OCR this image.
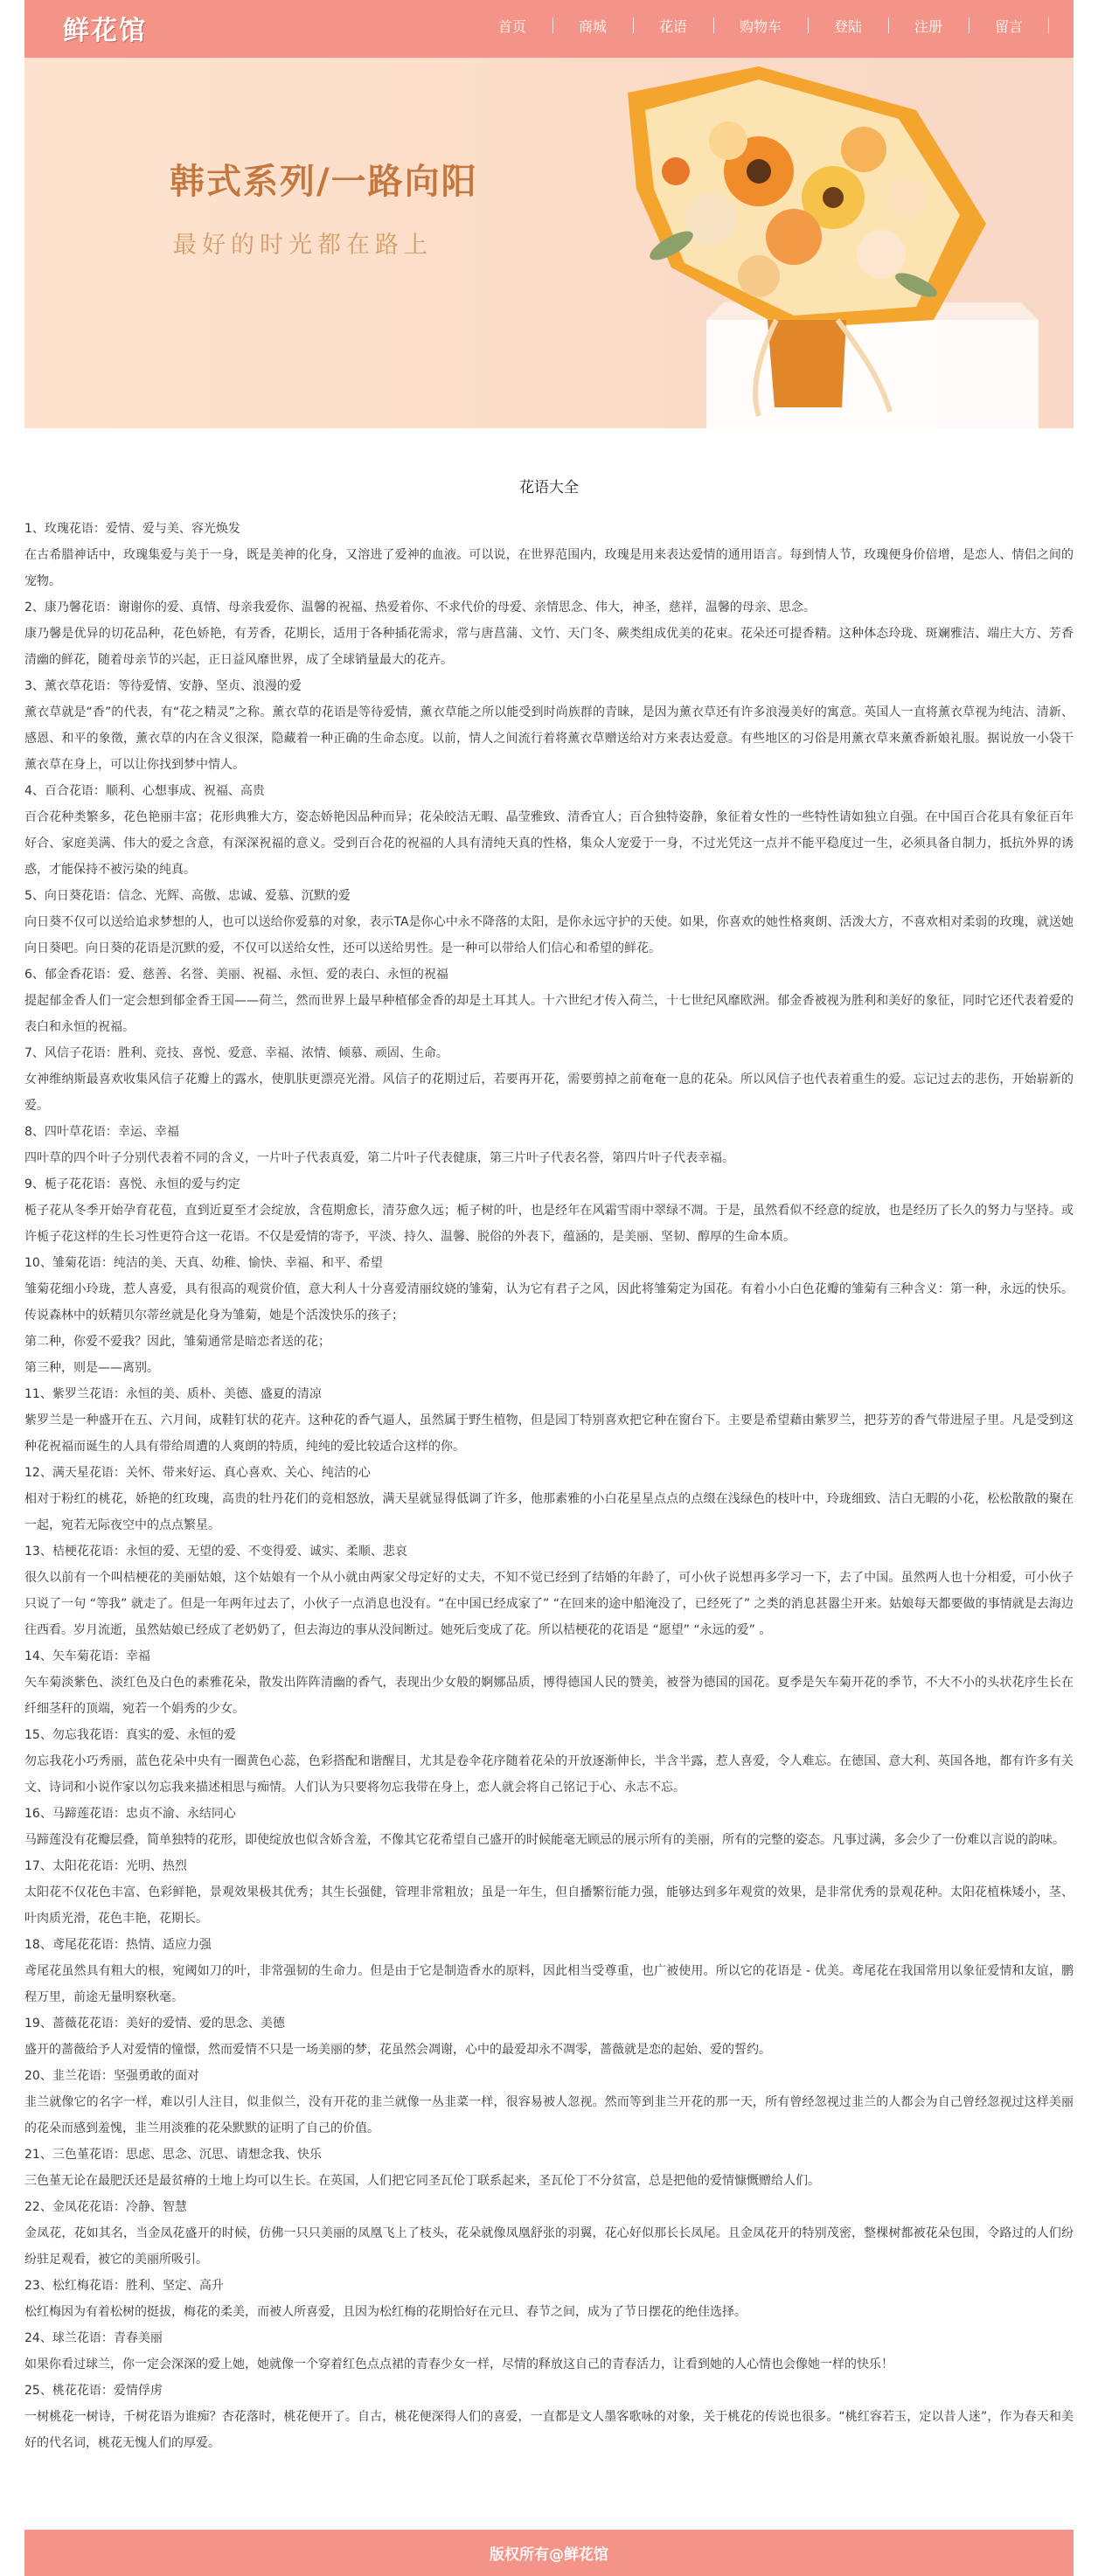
鲜花馆	首页	商城	花语	购物车	登陆	注册	留言
韩式系列/一路向阳
最好的时光都在路上
花语大全

1、玫瑰花语：爱情、爱与美、容光焕发

在古希腊神话中，玫瑰集爱与美于一身，既是美神的化身，又溶进了爱神的血液。可以说，在世界范围内，玫瑰是用来表达爱情的通用语言。每到情人节，玫瑰便身价倍增，是恋人、情侣之间的宠物。

2、康乃馨花语：谢谢你的爱、真情、母亲我爱你、温馨的祝福、热爱着你、不求代价的母爱、亲情思念、伟大，神圣，慈祥，温馨的母亲、思念。

康乃馨是优异的切花品种，花色娇艳，有芳香，花期长，适用于各种插花需求，常与唐菖蒲、文竹、天门冬、蕨类组成优美的花束。花朵还可提香精。这种体态玲珑、斑斓雅洁、端庄大方、芳香清幽的鲜花，随着母亲节的兴起，正日益风靡世界，成了全球销量最大的花卉。

3、薰衣草花语：等待爱情、安静、坚贞、浪漫的爱

薰衣草就是“香”的代表，有“花之精灵”之称。薰衣草的花语是等待爱情，薰衣草能之所以能受到时尚族群的青睐，是因为薰衣草还有许多浪漫美好的寓意。英国人一直将薰衣草视为纯洁、清新、感恩、和平的象徵，薰衣草的内在含义很深，隐藏着一种正确的生命态度。以前，情人之间流行着将薰衣草赠送给对方来表达爱意。有些地区的习俗是用薰衣草来薰香新娘礼服。据说放一小袋干薰衣草在身上，可以让你找到梦中情人。

4、百合花语：顺利、心想事成、祝福、高贵

百合花种类繁多，花色艳丽丰富；花形典雅大方，姿态娇艳因品种而异；花朵皎洁无暇、晶莹雅致、清香宜人；百合独特姿静，象征着女性的一些特性请如独立自强。在中国百合花具有象征百年好合、家庭美满、伟大的爱之含意，有深深祝福的意义。受到百合花的祝福的人具有清纯天真的性格，集众人宠爱于一身，不过光凭这一点并不能平稳度过一生，必须具备自制力，抵抗外界的诱惑，才能保持不被污染的纯真。

5、向日葵花语：信念、光辉、高傲、忠诚、爱慕、沉默的爱

向日葵不仅可以送给追求梦想的人，也可以送给你爱慕的对象，表示TA是你心中永不降落的太阳，是你永远守护的天使。如果，你喜欢的她性格爽朗、活泼大方，不喜欢相对柔弱的玫瑰，就送她向日葵吧。向日葵的花语是沉默的爱，不仅可以送给女性，还可以送给男性。是一种可以带给人们信心和希望的鲜花。

6、郁金香花语：爱、慈善、名誉、美丽、祝福、永恒、爱的表白、永恒的祝福

提起郁金香人们一定会想到郁金香王国——荷兰，然而世界上最早种植郁金香的却是土耳其人。十六世纪才传入荷兰，十七世纪风靡欧洲。郁金香被视为胜利和美好的象征，同时它还代表着爱的表白和永恒的祝福。

7、风信子花语：胜利、竞技、喜悦、爱意、幸福、浓情、倾慕、顽固、生命。

女神维纳斯最喜欢收集风信子花瓣上的露水，使肌肤更漂亮光滑。风信子的花期过后，若要再开花，需要剪掉之前奄奄一息的花朵。所以风信子也代表着重生的爱。忘记过去的悲伤，开始崭新的爱。

8、四叶草花语：幸运、幸福

四叶草的四个叶子分别代表着不同的含义，一片叶子代表真爱，第二片叶子代表健康，第三片叶子代表名誉，第四片叶子代表幸福。

9、栀子花花语：喜悦、永恒的爱与约定

栀子花从冬季开始孕育花苞，直到近夏至才会绽放，含苞期愈长，清芬愈久远；栀子树的叶，也是经年在风霜雪雨中翠绿不凋。于是，虽然看似不经意的绽放，也是经历了长久的努力与坚持。或许栀子花这样的生长习性更符合这一花语。不仅是爱情的寄予，平淡、持久、温馨、脱俗的外表下，蕴涵的，是美丽、坚韧、醇厚的生命本质。

10、雏菊花语：纯洁的美、天真、幼稚、愉快、幸福、和平、希望

雏菊花细小玲珑，惹人喜爱，具有很高的观赏价值，意大利人十分喜爱清丽纹娆的雏菊，认为它有君子之风，因此将雏菊定为国花。有着小小白色花瓣的雏菊有三种含义：第一种，永远的快乐。传说森林中的妖精贝尔蒂丝就是化身为雏菊，她是个活泼快乐的孩子；

第二种，你爱不爱我？因此，雏菊通常是暗恋者送的花；

第三种，则是——离别。

11、紫罗兰花语：永恒的美、质朴、美德、盛夏的清凉

紫罗兰是一种盛开在五、六月间，成鞋钉状的花卉。这种花的香气逼人，虽然属于野生植物，但是园丁特别喜欢把它种在窗台下。主要是希望藉由紫罗兰，把芬芳的香气带进屋子里。凡是受到这种花祝福而诞生的人具有带给周遭的人爽朗的特质，纯纯的爱比较适合这样的你。

12、满天星花语：关怀、带来好运、真心喜欢、关心、纯洁的心

相对于粉红的桃花，娇艳的红玫瑰，高贵的牡丹花们的竞相怒放，满天星就显得低调了许多，他那素雅的小白花星星点点的点缀在浅绿色的枝叶中，玲珑细致、洁白无暇的小花，松松散散的聚在一起，宛若无际夜空中的点点繁星。

13、桔梗花花语：永恒的爱、无望的爱、不变得爱、诚实、柔顺、悲哀

很久以前有一个叫桔梗花的美丽姑娘，这个姑娘有一个从小就由两家父母定好的丈夫，不知不觉已经到了结婚的年龄了，可小伙子说想再多学习一下，去了中国。虽然两人也十分相爱，可小伙子只说了一句 “等我” 就走了。但是一年两年过去了，小伙子一点消息也没有。“在中国已经成家了” “在回来的途中船淹没了，已经死了” 之类的消息甚嚣尘开来。姑娘每天都要做的事情就是去海边往西看。岁月流逝，虽然姑娘已经成了老奶奶了，但去海边的事从没间断过。她死后变成了花。所以桔梗花的花语是 “愿望” “永远的爱” 。

14、矢车菊花语：幸福

矢车菊淡紫色、淡红色及白色的素雅花朵，散发出阵阵清幽的香气，表现出少女般的婀娜品质，博得德国人民的赞美，被誉为德国的国花。夏季是矢车菊开花的季节，不大不小的头状花序生长在纤细茎秆的顶端，宛若一个娟秀的少女。

15、勿忘我花语：真实的爱、永恒的爱

勿忘我花小巧秀丽，蓝色花朵中央有一圈黄色心蕊，色彩搭配和谐醒目，尤其是卷伞花序随着花朵的开放逐渐伸长，半含半露，惹人喜爱，令人难忘。在德国、意大利、英国各地，都有许多有关文、诗词和小说作家以勿忘我来描述相思与痴情。人们认为只要将勿忘我带在身上，恋人就会将自己铭记于心、永志不忘。

16、马蹄莲花语：忠贞不渝、永结同心

马蹄莲没有花瓣层叠，简单独特的花形，即使绽放也似含娇含羞，不像其它花希望自己盛开的时候能毫无顾忌的展示所有的美丽，所有的完整的姿态。凡事过满，多会少了一份难以言说的韵味。

17、太阳花花语：光明、热烈

太阳花不仅花色丰富、色彩鲜艳，景观效果极其优秀；其生长强健，管理非常粗放；虽是一年生，但自播繁衍能力强，能够达到多年观赏的效果，是非常优秀的景观花种。太阳花植株矮小，茎、叶肉质光滑，花色丰艳，花期长。

18、鸢尾花花语：热情、适应力强

鸢尾花虽然具有粗大的根，宛阈如刀的叶，非常强韧的生命力。但是由于它是制造香水的原料，因此相当受尊重，也广被使用。所以它的花语是 - 优美。鸢尾花在我国常用以象征爱情和友谊，鹏程万里，前途无量明察秋毫。

19、蔷薇花花语：美好的爱情、爱的思念、美德

盛开的蔷薇给予人对爱情的憧憬，然而爱情不只是一场美丽的梦，花虽然会凋谢，心中的最爱却永不凋零，蔷薇就是恋的起始、爱的誓约。

20、韭兰花语：坚强勇敢的面对

韭兰就像它的名字一样，难以引人注目，似韭似兰，没有开花的韭兰就像一丛韭菜一样，很容易被人忽视。然而等到韭兰开花的那一天，所有曾经忽视过韭兰的人都会为自己曾经忽视过这样美丽的花朵而感到羞愧，韭兰用淡雅的花朵默默的证明了自己的价值。

21、三色堇花语：思虑、思念、沉思、请想念我、快乐

三色堇无论在最肥沃还是最贫瘠的土地上均可以生长。在英国，人们把它同圣瓦伦丁联系起来，圣瓦伦丁不分贫富，总是把他的爱情慷慨赠给人们。

22、金凤花花语：冷静、智慧

金凤花，花如其名，当金凤花盛开的时候，仿佛一只只美丽的凤凰飞上了枝头，花朵就像凤凰舒张的羽翼，花心好似那长长凤尾。且金凤花开的特别茂密，整棵树都被花朵包围，令路过的人们纷纷驻足观看，被它的美丽所吸引。

23、松红梅花语：胜利、坚定、高升

松红梅因为有着松树的挺拔，梅花的柔美，而被人所喜爱，且因为松红梅的花期恰好在元旦、春节之间，成为了节日摆花的绝佳选择。

24、球兰花语：青春美丽

如果你看过球兰，你一定会深深的爱上她，她就像一个穿着红色点点裙的青春少女一样，尽情的释放这自己的青春活力，让看到她的人心情也会像她一样的快乐！

25、桃花花语：爱情俘虏

一树桃花一树诗，千树花语为谁痴？杏花落时，桃花便开了。自古，桃花便深得人们的喜爱，一直都是文人墨客歌咏的对象，关于桃花的传说也很多。“桃红容若玉，定以昔人迷”，作为春天和美好的代名词，桃花无愧人们的厚爱。

版权所有@鲜花馆
